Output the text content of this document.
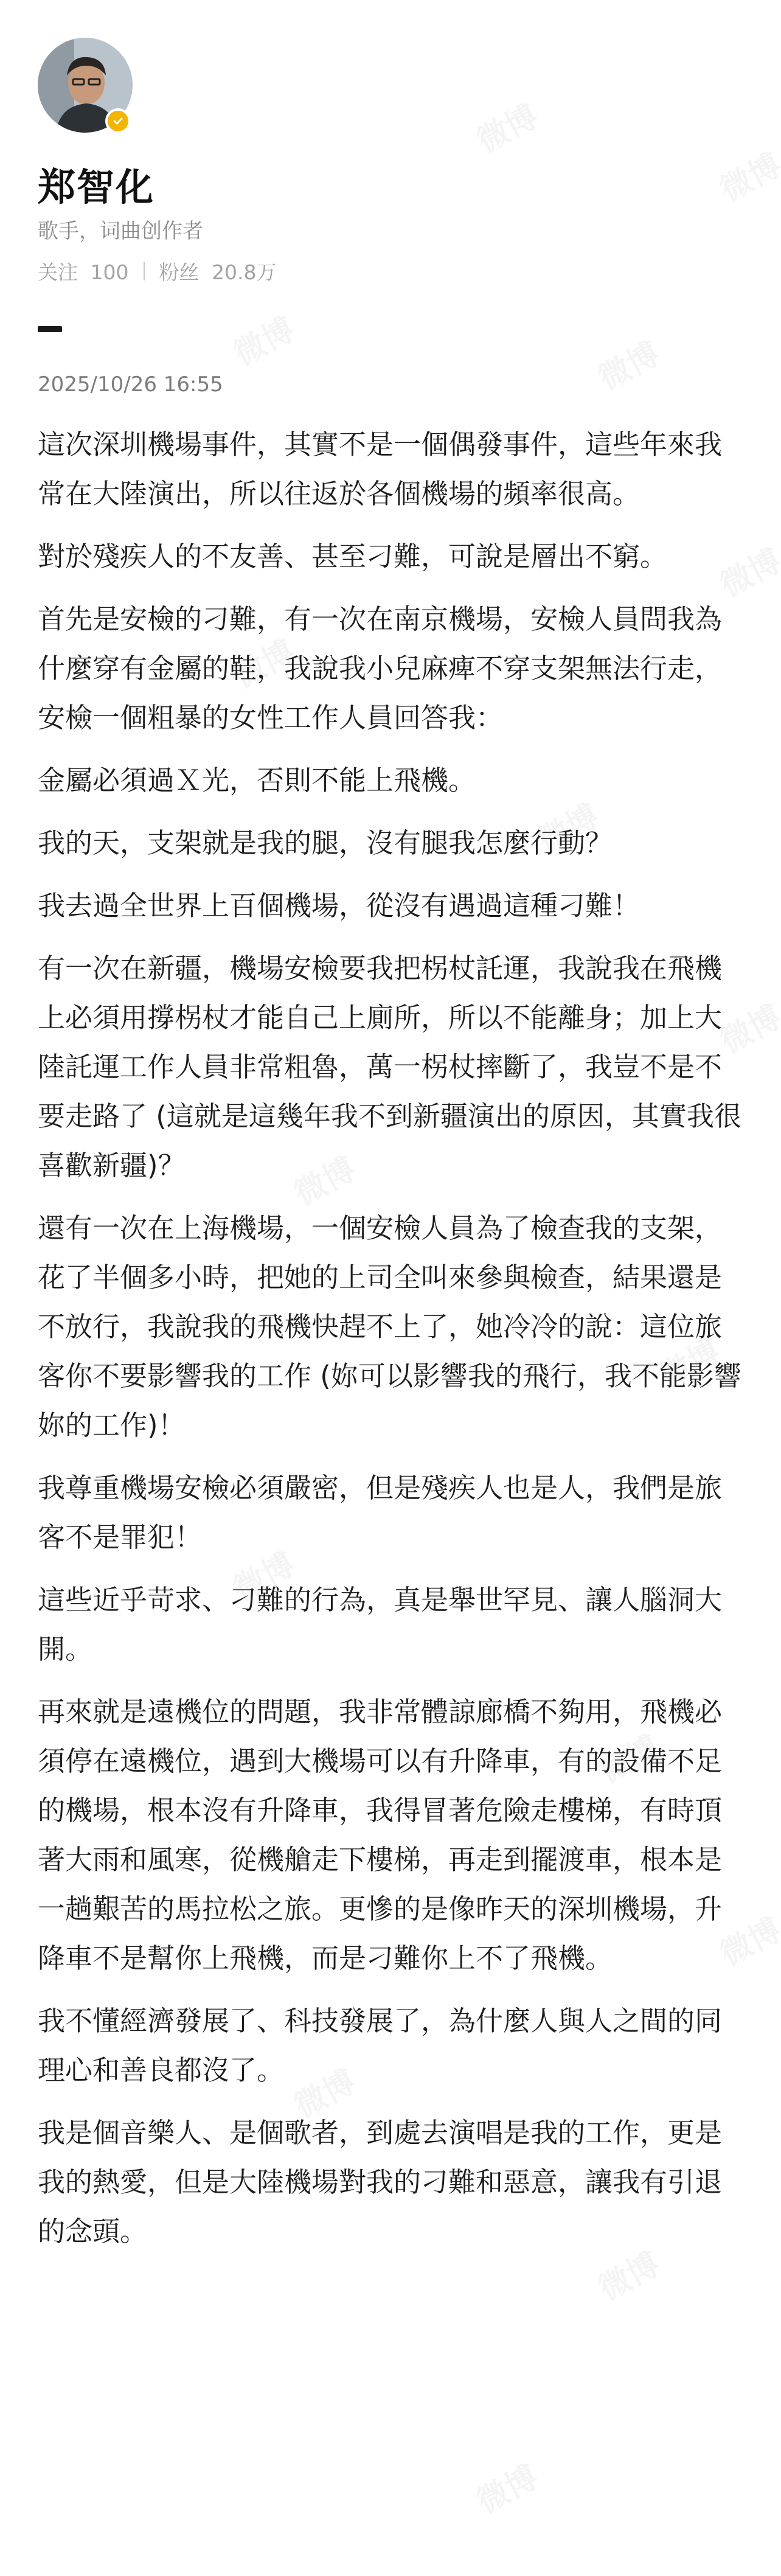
郑智化
歌手，词曲创作者
关注 100 粉丝 20.8万
2025/10/26 16:55

這次深圳機場事件，其實不是一個偶發事件，這些年來我常在大陸演出，所以往返於各個機場的頻率很高。

對於殘疾人的不友善、甚至刁難，可說是層出不窮。

首先是安檢的刁難，有一次在南京機場，安檢人員問我為什麼穿有金屬的鞋，我說我小兒麻痺不穿支架無法行走，安檢一個粗暴的女性工作人員回答我：

金屬必須過Ｘ光，否則不能上飛機。

我的天，支架就是我的腿，沒有腿我怎麼行動？

我去過全世界上百個機場，從沒有遇過這種刁難！

有一次在新疆，機場安檢要我把柺杖託運，我說我在飛機上必須用撐柺杖才能自己上廁所，所以不能離身；加上大陸託運工作人員非常粗魯，萬一柺杖摔斷了，我豈不是不要走路了 (這就是這幾年我不到新疆演出的原因，其實我很喜歡新疆)？

還有一次在上海機場，一個安檢人員為了檢查我的支架，花了半個多小時，把她的上司全叫來參與檢查，結果還是不放行，我說我的飛機快趕不上了，她冷冷的說：這位旅客你不要影響我的工作 (妳可以影響我的飛行，我不能影響妳的工作)！

我尊重機場安檢必須嚴密，但是殘疾人也是人，我們是旅客不是罪犯！

這些近乎苛求、刁難的行為，真是舉世罕見、讓人腦洞大開。

再來就是遠機位的問題，我非常體諒廊橋不夠用，飛機必須停在遠機位，遇到大機場可以有升降車，有的設備不足的機場，根本沒有升降車，我得冒著危險走樓梯，有時頂著大雨和風寒，從機艙走下樓梯，再走到擺渡車，根本是一趟艱苦的馬拉松之旅。更慘的是像昨天的深圳機場，升降車不是幫你上飛機，而是刁難你上不了飛機。

我不懂經濟發展了、科技發展了，為什麼人與人之間的同理心和善良都沒了。

我是個音樂人、是個歌者，到處去演唱是我的工作，更是我的熱愛，但是大陸機場對我的刁難和惡意，讓我有引退的念頭。
